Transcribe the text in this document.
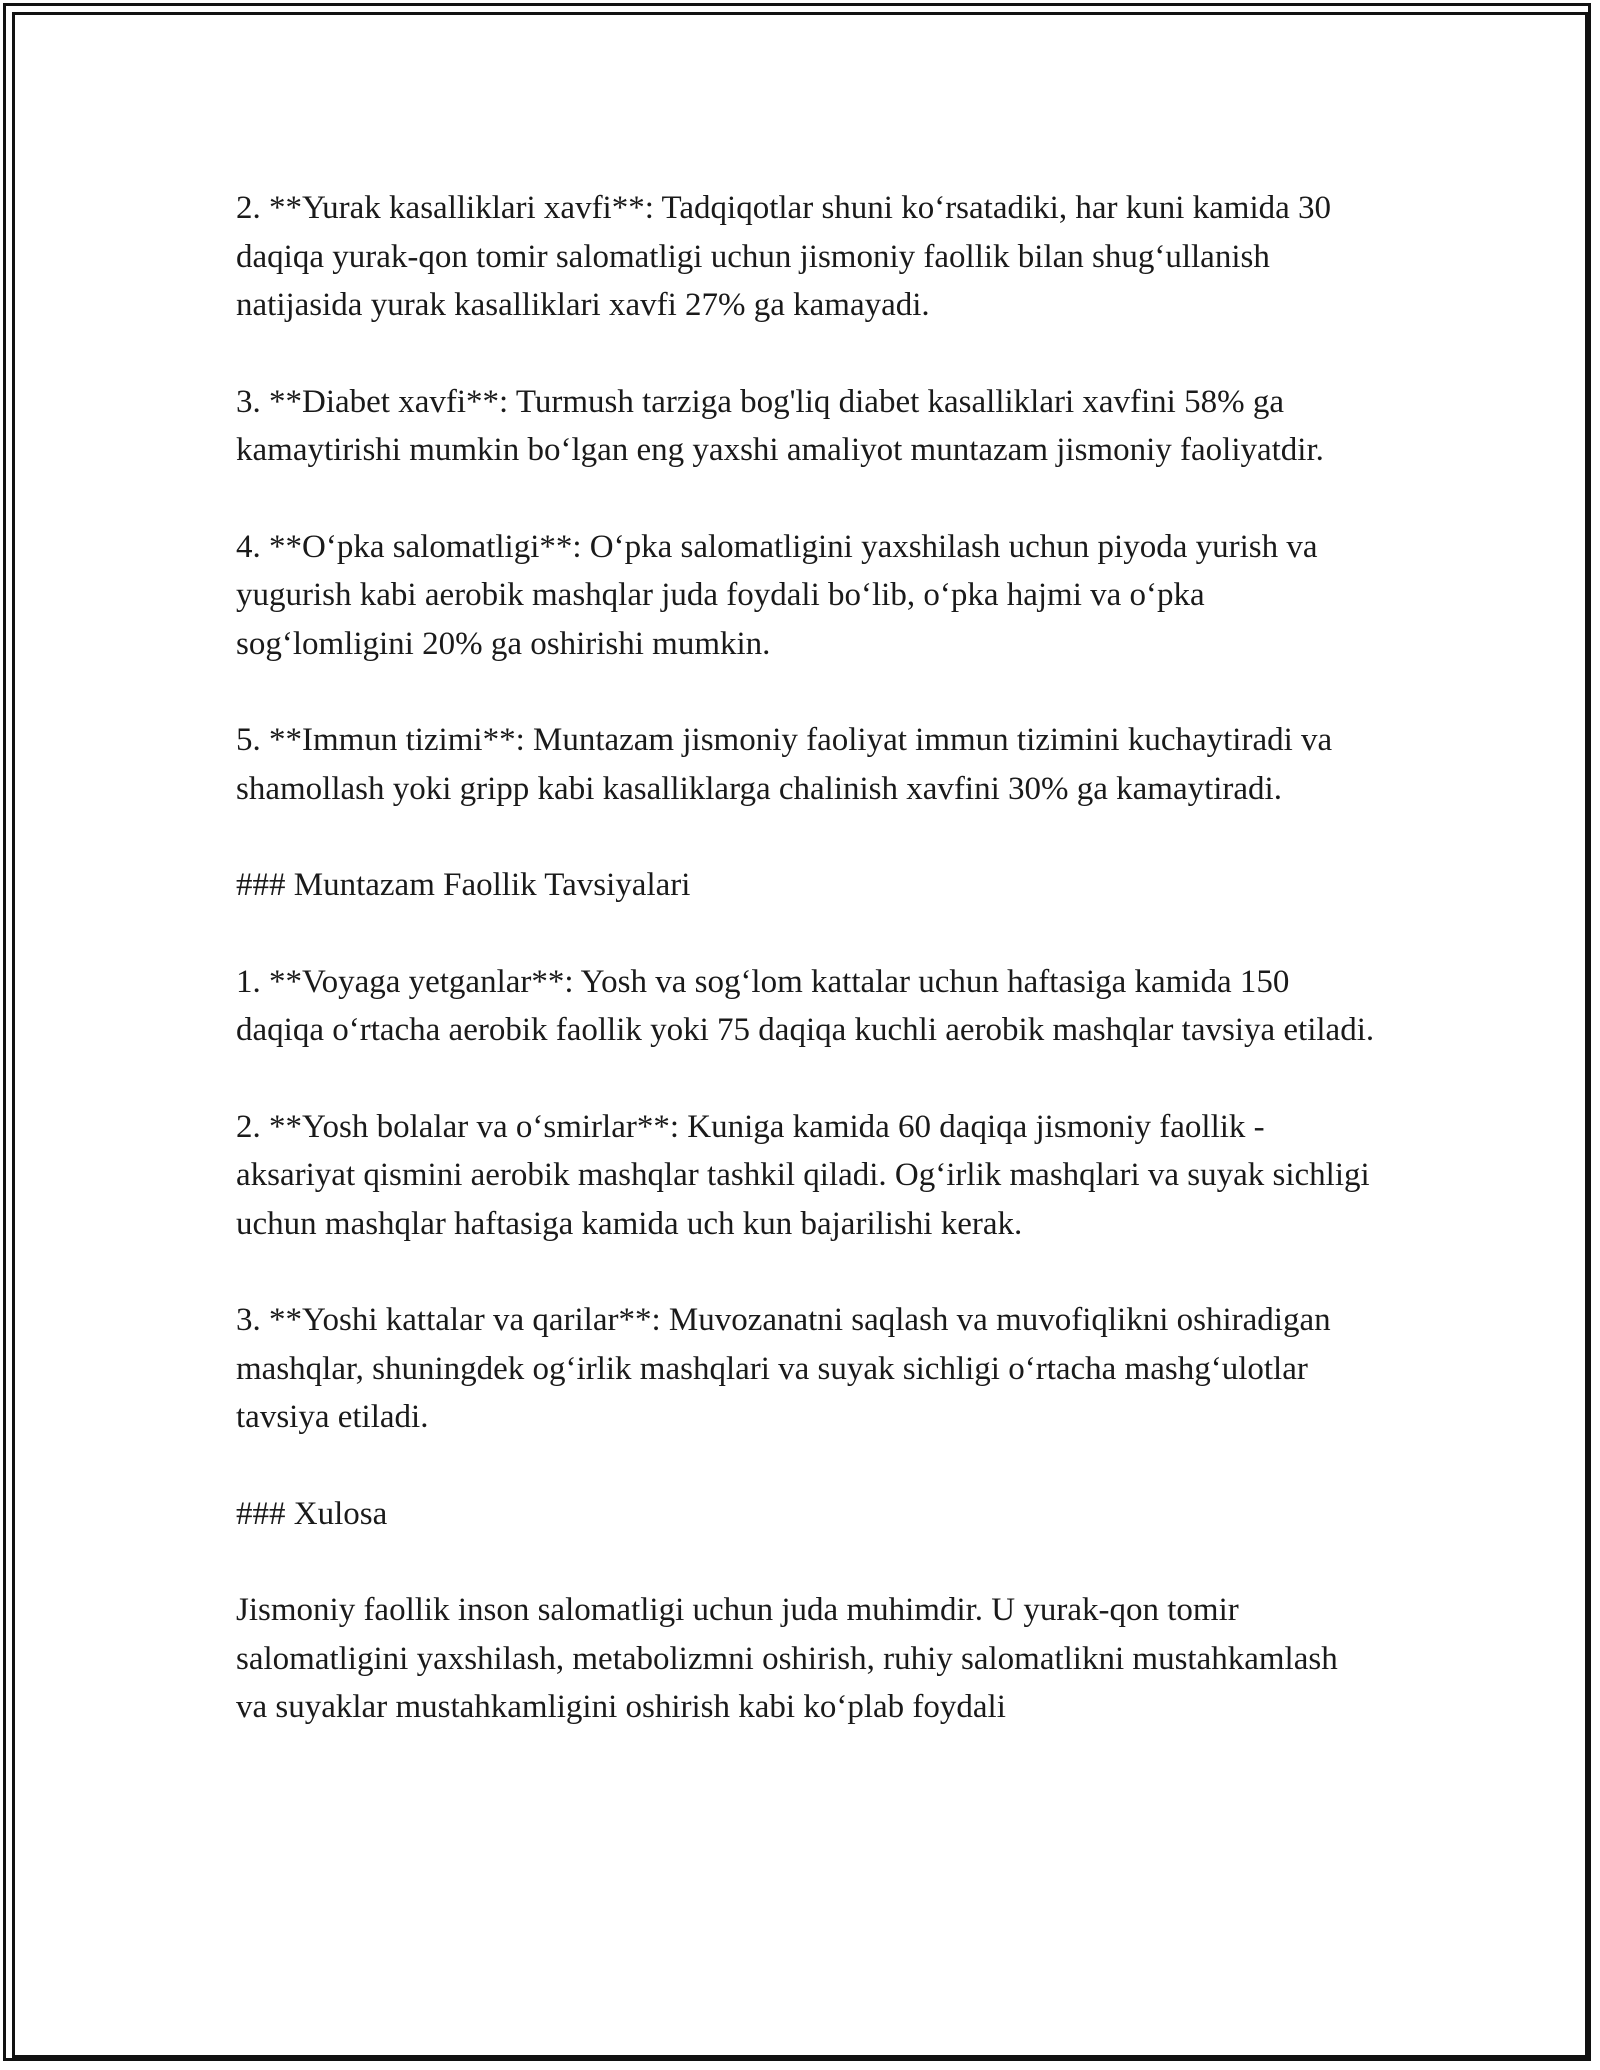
2. **Yurak kasalliklari xavfi**: Tadqiqotlar shuni ko‘rsatadiki, har kuni kamida 30 daqiqa yurak-qon tomir salomatligi uchun jismoniy faollik bilan shug‘ullanish natijasida yurak kasalliklari xavfi 27% ga kamayadi.

3. **Diabet xavfi**: Turmush tarziga bog'liq diabet kasalliklari xavfini 58% ga kamaytirishi mumkin bo‘lgan eng yaxshi amaliyot muntazam jismoniy faoliyatdir.

4. **O‘pka salomatligi**: O‘pka salomatligini yaxshilash uchun piyoda yurish va yugurish kabi aerobik mashqlar juda foydali bo‘lib, o‘pka hajmi va o‘pka sog‘lomligini 20% ga oshirishi mumkin.

5. **Immun tizimi**: Muntazam jismoniy faoliyat immun tizimini kuchaytiradi va shamollash yoki gripp kabi kasalliklarga chalinish xavfini 30% ga kamaytiradi.

### Muntazam Faollik Tavsiyalari

1. **Voyaga yetganlar**: Yosh va sog‘lom kattalar uchun haftasiga kamida 150 daqiqa o‘rtacha aerobik faollik yoki 75 daqiqa kuchli aerobik mashqlar tavsiya etiladi.

2. **Yosh bolalar va o‘smirlar**: Kuniga kamida 60 daqiqa jismoniy faollik - aksariyat qismini aerobik mashqlar tashkil qiladi. Og‘irlik mashqlari va suyak sichligi uchun mashqlar haftasiga kamida uch kun bajarilishi kerak.

3. **Yoshi kattalar va qarilar**: Muvozanatni saqlash va muvofiqlikni oshiradigan mashqlar, shuningdek og‘irlik mashqlari va suyak sichligi o‘rtacha mashg‘ulotlar tavsiya etiladi.

### Xulosa

Jismoniy faollik inson salomatligi uchun juda muhimdir. U yurak-qon tomir salomatligini yaxshilash, metabolizmni oshirish, ruhiy salomatlikni mustahkamlash va suyaklar mustahkamligini oshirish kabi ko‘plab foydali
